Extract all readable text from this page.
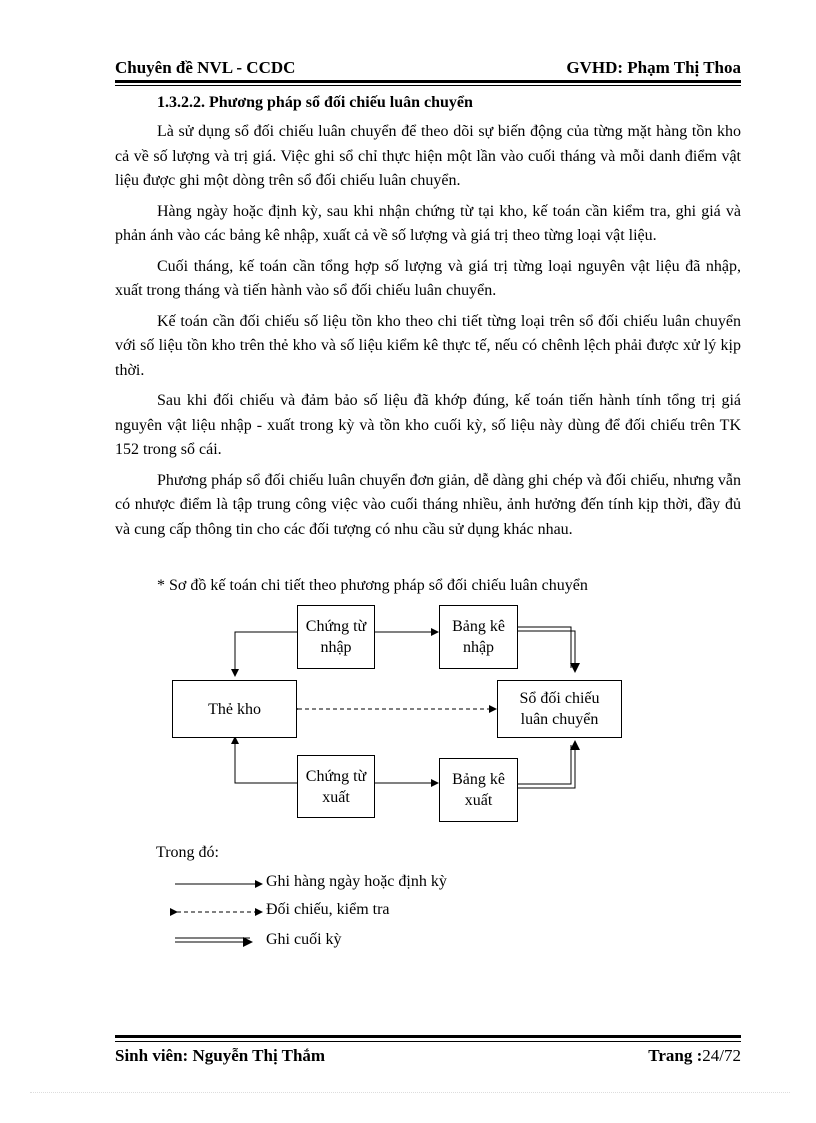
Chuyên đề NVL - CCDC	GVHD: Phạm Thị Thoa
1.3.2.2. Phương pháp sổ đối chiếu luân chuyển

Là sử dụng sổ đối chiếu luân chuyển để theo dõi sự biến động của từng mặt hàng tồn kho cả về số lượng và trị giá. Việc ghi sổ chỉ thực hiện một lần vào cuối tháng và mỗi danh điểm vật liệu được ghi một dòng trên sổ đối chiếu luân chuyển.

Hàng ngày hoặc định kỳ, sau khi nhận chứng từ tại kho, kế toán cần kiểm tra, ghi giá và phản ánh vào các bảng kê nhập, xuất cả về số lượng và giá trị theo từng loại vật liệu.

Cuối tháng, kế toán cần tổng hợp số lượng và giá trị từng loại nguyên vật liệu đã nhập, xuất trong tháng và tiến hành vào sổ đối chiếu luân chuyển.

Kế toán cần đối chiếu số liệu tồn kho theo chi tiết từng loại trên sổ đối chiếu luân chuyển với số liệu tồn kho trên thẻ kho và số liệu kiểm kê thực tế, nếu có chênh lệch phải được xử lý kịp thời.

Sau khi đối chiếu và đảm bảo số liệu đã khớp đúng, kế toán tiến hành tính tổng trị giá nguyên vật liệu nhập - xuất trong kỳ và tồn kho cuối kỳ, số liệu này dùng để đối chiếu trên TK 152 trong sổ cái.

Phương pháp sổ đối chiếu luân chuyển đơn giản, dễ dàng ghi chép và đối chiếu, nhưng vẫn có nhược điểm là tập trung công việc vào cuối tháng nhiều, ảnh hưởng đến tính kịp thời, đầy đủ và cung cấp thông tin cho các đối tượng có nhu cầu sử dụng khác nhau.

* Sơ đồ kế toán chi tiết theo phương pháp sổ đối chiếu luân chuyển
Chứng từ
nhập
Bảng kê
nhập
Thẻ kho
Sổ đối chiếu
luân chuyển
Chứng từ
xuất
Bảng kê
xuất
Trong đó:
Ghi hàng ngày hoặc định kỳ
Đối chiếu, kiểm tra
Ghi cuối kỳ
Sinh viên: Nguyễn Thị Thắm	Trang :24/72
